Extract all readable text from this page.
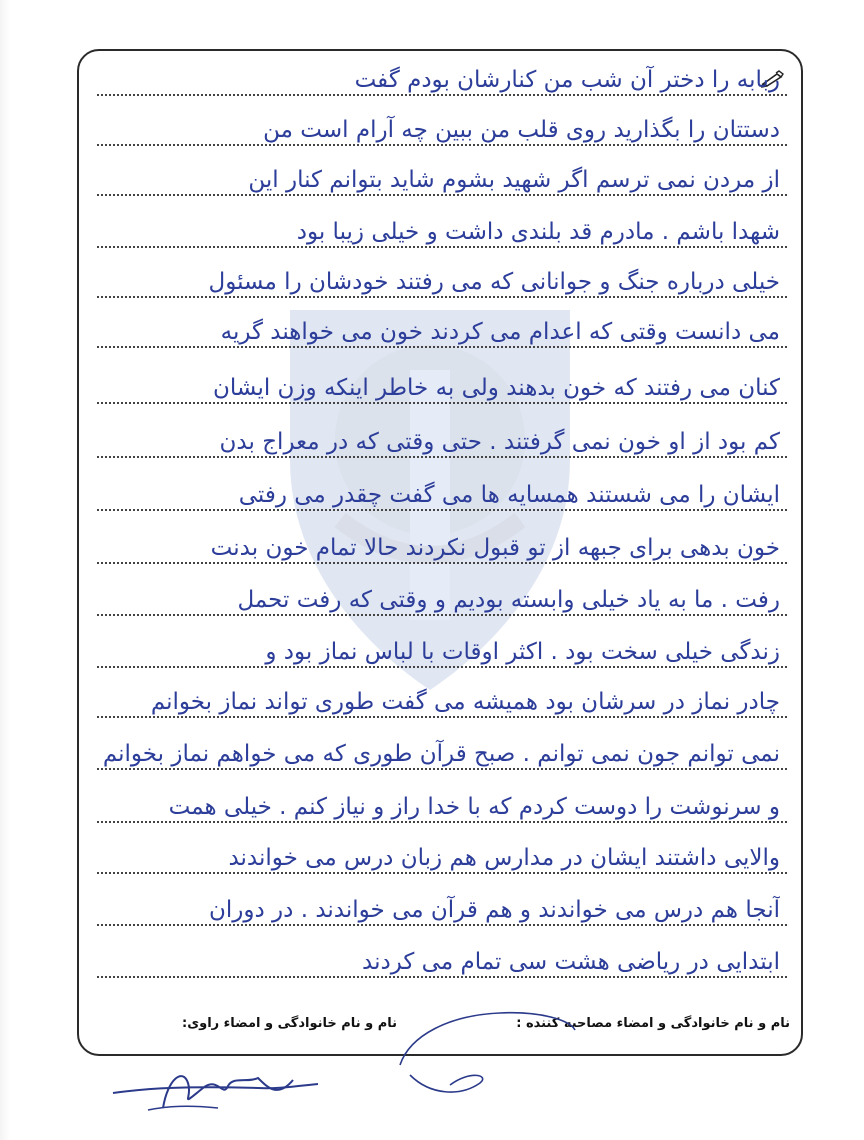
ربابه را دختر آن شب من کنارشان بودم گفت
دستتان را بگذارید روی قلب من ببین چه آرام است من
از مردن نمی ترسم اگر شهید بشوم شاید بتوانم کنار این
شهدا باشم . مادرم قد بلندی داشت و خیلی زیبا بود
خیلی درباره جنگ و جوانانی که می رفتند خودشان را مسئول
می دانست وقتی که اعدام می کردند خون می خواهند گریه
کنان می رفتند که خون بدهند ولی به خاطر اینکه وزن ایشان
کم بود از او خون نمی گرفتند . حتی وقتی که در معراج بدن
ایشان را می شستند همسایه ها می گفت چقدر می رفتی
خون بدهی برای جبهه از تو قبول نکردند حالا تمام خون بدنت
رفت . ما به یاد خیلی وابسته بودیم و وقتی که رفت تحمل
زندگی خیلی سخت بود . اکثر اوقات با لباس نماز بود و
چادر نماز در سرشان بود همیشه می گفت طوری تواند نماز بخوانم
نمی توانم جون نمی توانم . صبح قرآن طوری که می خواهم نماز بخوانم
و سرنوشت را دوست کردم که با خدا راز و نیاز کنم . خیلی همت
والایی داشتند ایشان در مدارس هم زبان درس می خواندند
آنجا هم درس می خواندند و هم قرآن می خواندند . در دوران
ابتدایی در ریاضی هشت سی تمام می کردند
نام و نام خانوادگی و امضاء مصاحبه کننده :
نام و نام خانوادگی و امضاء راوی:
